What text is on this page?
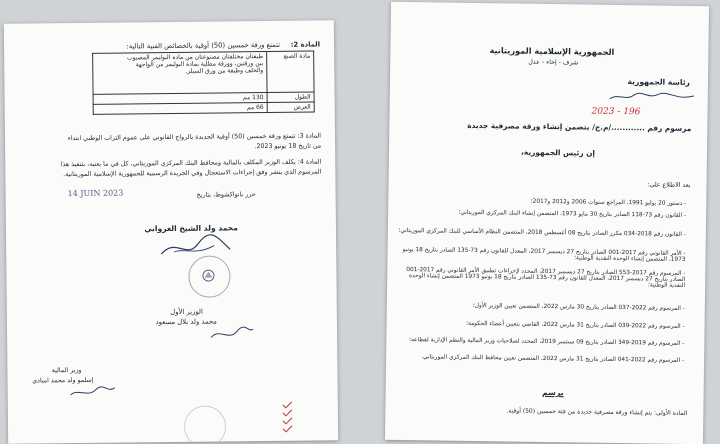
المادة 2:
تتمتع ورقة خمسين (50) أوقية بالخصائص الفنية التالية:
مادة الصنع	طبقتان مختلفتان مصنوعتان من مادة البوليمر المصبوب
بين ورقتين، وورقة مطلية بمادة البوليمر من الواجهة
والخلف وطبقة من ورق السيلز.

الطول	130 مم
العرض	66 مم
المادة 3: تتمتع ورقة خمسين (50) أوقية الجديدة بالرواج القانوني على عموم التراب الوطني ابتداء
من تاريخ 18 يونيو 2023.
المادة 4: يكلف الوزير المكلف بالمالية ومحافظ البنك المركزي الموريتاني، كل في ما يعنيه، بتنفيذ هذا
المرسوم الذي ينشر وفق إجراءات الاستعجال وفي الجريدة الرسمية للجمهورية الإسلامية الموريتانية.
حرر بانواكشوط، بتاريخ
14 JUIN 2023
محمد ولد الشيخ الغزواني
الوزير الأول
محمد ولد بلال مسعود
وزير المالية
إسلمو ولد محمد امبادي
الجمهورية الإسلامية الموريتانية
شرف - إخاء - عدل
رئاسة الجمهورية
2023 - 196
مرسوم رقم ............/م.ج/ يتضمن إنشاء ورقة مصرفية جديدة
إن رئيس الجمهورية،
بعد الاطلاع على:
- دستور 20 يوليو 1991، المراجع سنوات 2006 و2012 و2017؛
- القانون رقم 73-118 الصادر بتاريخ 30 مايو 1973، المتضمن إنشاء البنك المركزي الموريتاني؛
- القانون رقم 2018-034 مكرر الصادر بتاريخ 08 أغسطس 2018، المتضمن النظام الأساسي للبنك المركزي الموريتاني؛
- الأمر القانوني رقم 2017-001 الصادر بتاريخ 27 ديسمبر 2017، المعدل للقانون رقم 73-135 الصادر بتاريخ 18 يونيو 1973، المتضمن إنشاء الوحدة النقدية الوطنية؛
- المرسوم رقم 2017-553 الصادر بتاريخ 27 ديسمبر 2017، المحدد لإجراءات تطبيق الأمر القانوني رقم 2017-001 الصادر بتاريخ 27 ديسمبر 2017، المعدل للقانون رقم 73-135 الصادر بتاريخ 18 يونيو 1973 المتضمن إنشاء الوحدة النقدية الوطنية؛
- المرسوم رقم 2022-037 الصادر بتاريخ 30 مارس 2022، المتضمن تعيين الوزير الأول؛
- المرسوم رقم 2022-039 الصادر بتاريخ 31 مارس 2022، القاضي بتعيين أعضاء الحكومة؛
- المرسوم رقم 2019-349 الصادر بتاريخ 09 سبتمبر 2019، المحدد لصلاحيات وزير المالية والنظم الإدارية لقطاعه؛
- المرسوم رقم 2022-041 الصادر بتاريخ 31 مارس 2022، المتضمن تعيين محافظ البنك المركزي الموريتاني.
يرسم
المادة الأولى: يتم إنشاء ورقة مصرفية جديدة من فئة خمسين (50) أوقية.
